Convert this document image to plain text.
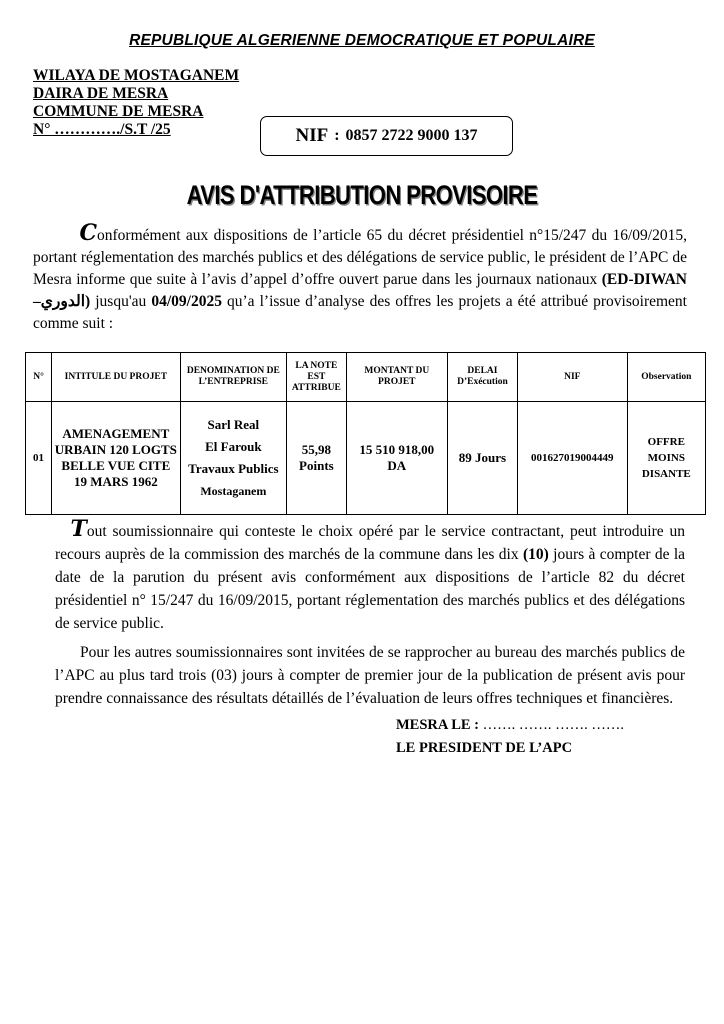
REPUBLIQUE ALGERIENNE DEMOCRATIQUE ET POPULAIRE
WILAYA DE MOSTAGANEM
DAIRA DE MESRA
COMMUNE DE MESRA
N° …………./S.T /25	NIF : 0857 2722 9000 137
AVIS D'ATTRIBUTION PROVISOIRE
   Conformément aux dispositions de l’article 65 du décret présidentiel n°15/247 du 16/09/2015, portant réglementation des marchés publics et des délégations de service public, le président de l’APC de Mesra informe que suite à l’avis d’appel d’offre ouvert parue dans les journaux nationaux (ED-DIWAN –الدوري) jusqu'au 04/09/2025 qu’a l’issue d’analyse des offres les projets a été attribué provisoirement comme suit :
N°	INTITULE DU PROJET	DENOMINATION DE L’ENTREPRISE	LA NOTE EST ATTRIBUE	MONTANT DU PROJET	DELAI D’Exécution	NIF	Observation
01	AMENAGEMENT URBAIN 120 LOGTS BELLE VUE CITE 19 MARS 1962	Sarl Real
El Farouk
Travaux Publics
Mostaganem	55,98 Points	15 510 918,00 DA	89 Jours	001627019004449	OFFRE MOINS DISANTE

 Tout soumissionnaire qui conteste le choix opéré par le service contractant, peut introduire un recours auprès de la commission des marchés de la commune dans les dix (10) jours à compter de la date de la parution du présent avis conformément aux dispositions de l’article 82 du décret présidentiel n° 15/247 du 16/09/2015, portant réglementation des marchés publics et des délégations de service public.

Pour les autres soumissionnaires sont invitées de se rapprocher au bureau des marchés publics de l’APC au plus tard trois (03) jours à compter de premier jour de la publication de présent avis pour prendre connaissance des résultats détaillés de l’évaluation de leurs offres techniques et financières.

MESRA LE : ……. ……. ……. …….
LE PRESIDENT DE L’APC
